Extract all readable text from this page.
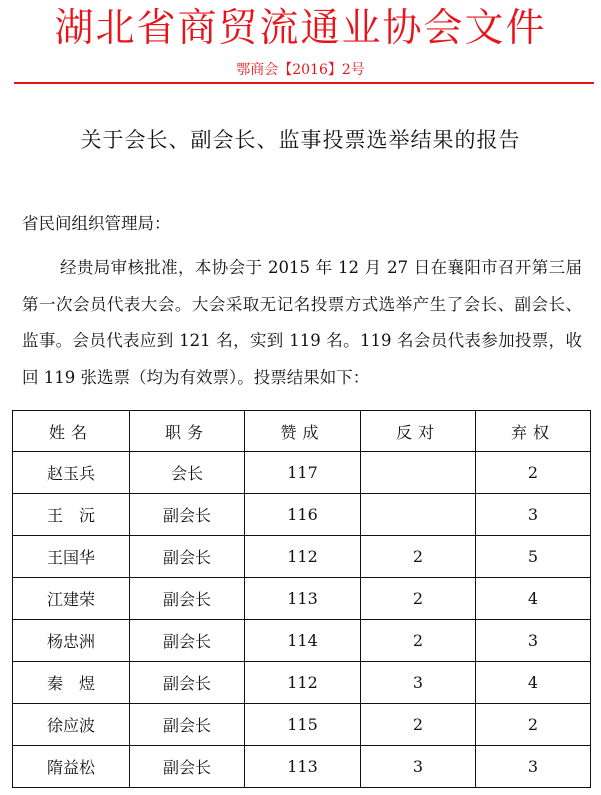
湖北省商贸流通业协会文件
鄂商会【2016】2号
关于会长、副会长、监事投票选举结果的报告
省民间组织管理局：
经贵局审核批准，本协会于 2015 年 12 月 27 日在襄阳市召开第三届第一次会员代表大会。大会采取无记名投票方式选举产生了会长、副会长、监事。会员代表应到 121 名，实到 119 名。119 名会员代表参加投票，收回 119 张选票（均为有效票）。投票结果如下：
姓名	职务	赞成	反对	弃权
赵玉兵	会长	117		2
王　沅	副会长	116		3
王国华	副会长	112	2	5
江建荣	副会长	113	2	4
杨忠洲	副会长	114	2	3
秦　煜	副会长	112	3	4
徐应波	副会长	115	2	2
隋益松	副会长	113	3	3
